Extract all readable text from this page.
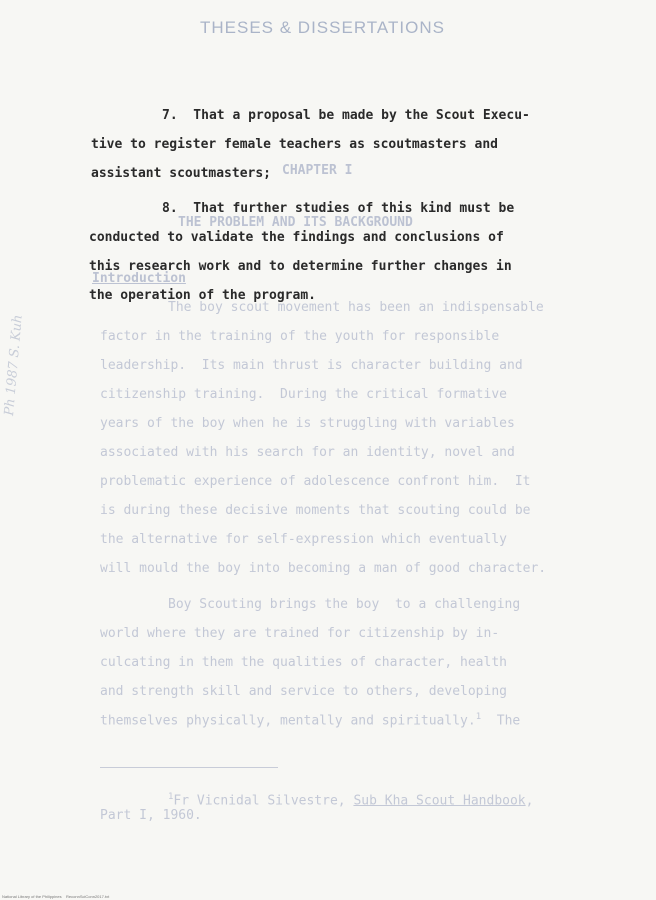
THESES & DISSERTATIONS
CHAPTER I
THE PROBLEM AND ITS BACKGROUND
Introduction
The boy scout movement has been an indispensable
factor in the training of the youth for responsible
leadership.  Its main thrust is character building and
citizenship training.  During the critical formative
years of the boy when he is struggling with variables
associated with his search for an identity, novel and
problematic experience of adolescence confront him.  It
is during these decisive moments that scouting could be
the alternative for self-expression which eventually
will mould the boy into becoming a man of good character.
Boy Scouting brings the boy  to a challenging
world where they are trained for citizenship by in-
culcating in them the qualities of character, health
and strength skill and service to others, developing
themselves physically, mentally and spiritually.$^1$ The
$^1$Fr Vicnidal Silvestre, Sub Kha Scout Handbook,
Part I, 1960.
7.  That a proposal be made by the Scout Execu-
tive to register female teachers as scoutmasters and
assistant scoutmasters;
8.  That further studies of this kind must be
conducted to validate the findings and conclusions of
this research work and to determine further changes in
the operation of the program.
Ph 1987 S. Kuh
National Library of the Philippines    ReconnSciConn2017.txt
